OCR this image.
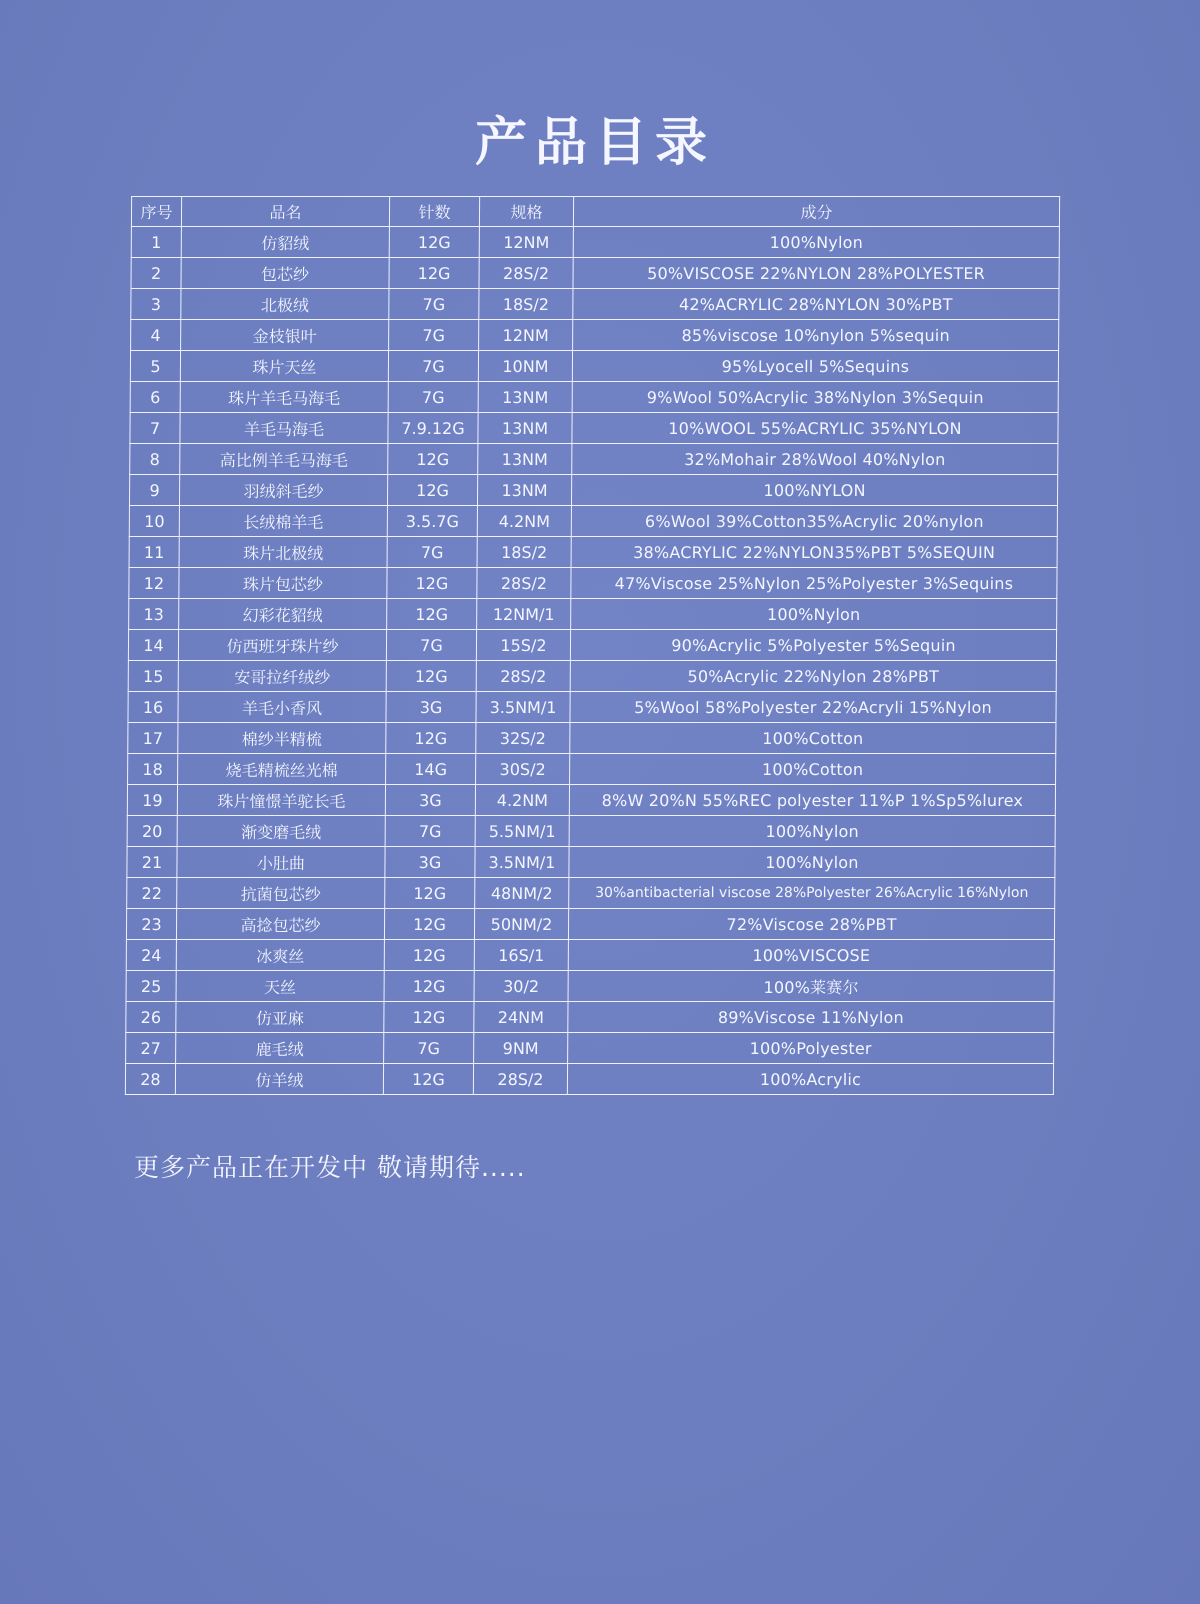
产品目录
序号	品名	针数	规格	成分
1	仿貂绒	12G	12NM	100%Nylon
2	包芯纱	12G	28S/2	50%VISCOSE 22%NYLON 28%POLYESTER
3	北极绒	7G	18S/2	42%ACRYLIC 28%NYLON 30%PBT
4	金枝银叶	7G	12NM	85%viscose 10%nylon 5%sequin
5	珠片天丝	7G	10NM	95%Lyocell 5%Sequins
6	珠片羊毛马海毛	7G	13NM	9%Wool 50%Acrylic 38%Nylon 3%Sequin
7	羊毛马海毛	7.9.12G	13NM	10%WOOL 55%ACRYLIC 35%NYLON
8	高比例羊毛马海毛	12G	13NM	32%Mohair 28%Wool 40%Nylon
9	羽绒斜毛纱	12G	13NM	100%NYLON
10	长绒棉羊毛	3.5.7G	4.2NM	6%Wool 39%Cotton35%Acrylic 20%nylon
11	珠片北极绒	7G	18S/2	38%ACRYLIC 22%NYLON35%PBT 5%SEQUIN
12	珠片包芯纱	12G	28S/2	47%Viscose 25%Nylon 25%Polyester 3%Sequins
13	幻彩花貂绒	12G	12NM/1	100%Nylon
14	仿西班牙珠片纱	7G	15S/2	90%Acrylic 5%Polyester 5%Sequin
15	安哥拉纤绒纱	12G	28S/2	50%Acrylic 22%Nylon 28%PBT
16	羊毛小香风	3G	3.5NM/1	5%Wool 58%Polyester 22%Acryli 15%Nylon
17	棉纱半精梳	12G	32S/2	100%Cotton
18	烧毛精梳丝光棉	14G	30S/2	100%Cotton
19	珠片憧憬羊驼长毛	3G	4.2NM	8%W 20%N 55%REC polyester 11%P 1%Sp5%lurex
20	渐变磨毛绒	7G	5.5NM/1	100%Nylon
21	小肚曲	3G	3.5NM/1	100%Nylon
22	抗菌包芯纱	12G	48NM/2	30%antibacterial viscose 28%Polyester 26%Acrylic 16%Nylon
23	高捻包芯纱	12G	50NM/2	72%Viscose 28%PBT
24	冰爽丝	12G	16S/1	100%VISCOSE
25	天丝	12G	30/2	100%莱赛尔
26	仿亚麻	12G	24NM	89%Viscose 11%Nylon
27	鹿毛绒	7G	9NM	100%Polyester
28	仿羊绒	12G	28S/2	100%Acrylic
更多产品正在开发中 敬请期待.....
